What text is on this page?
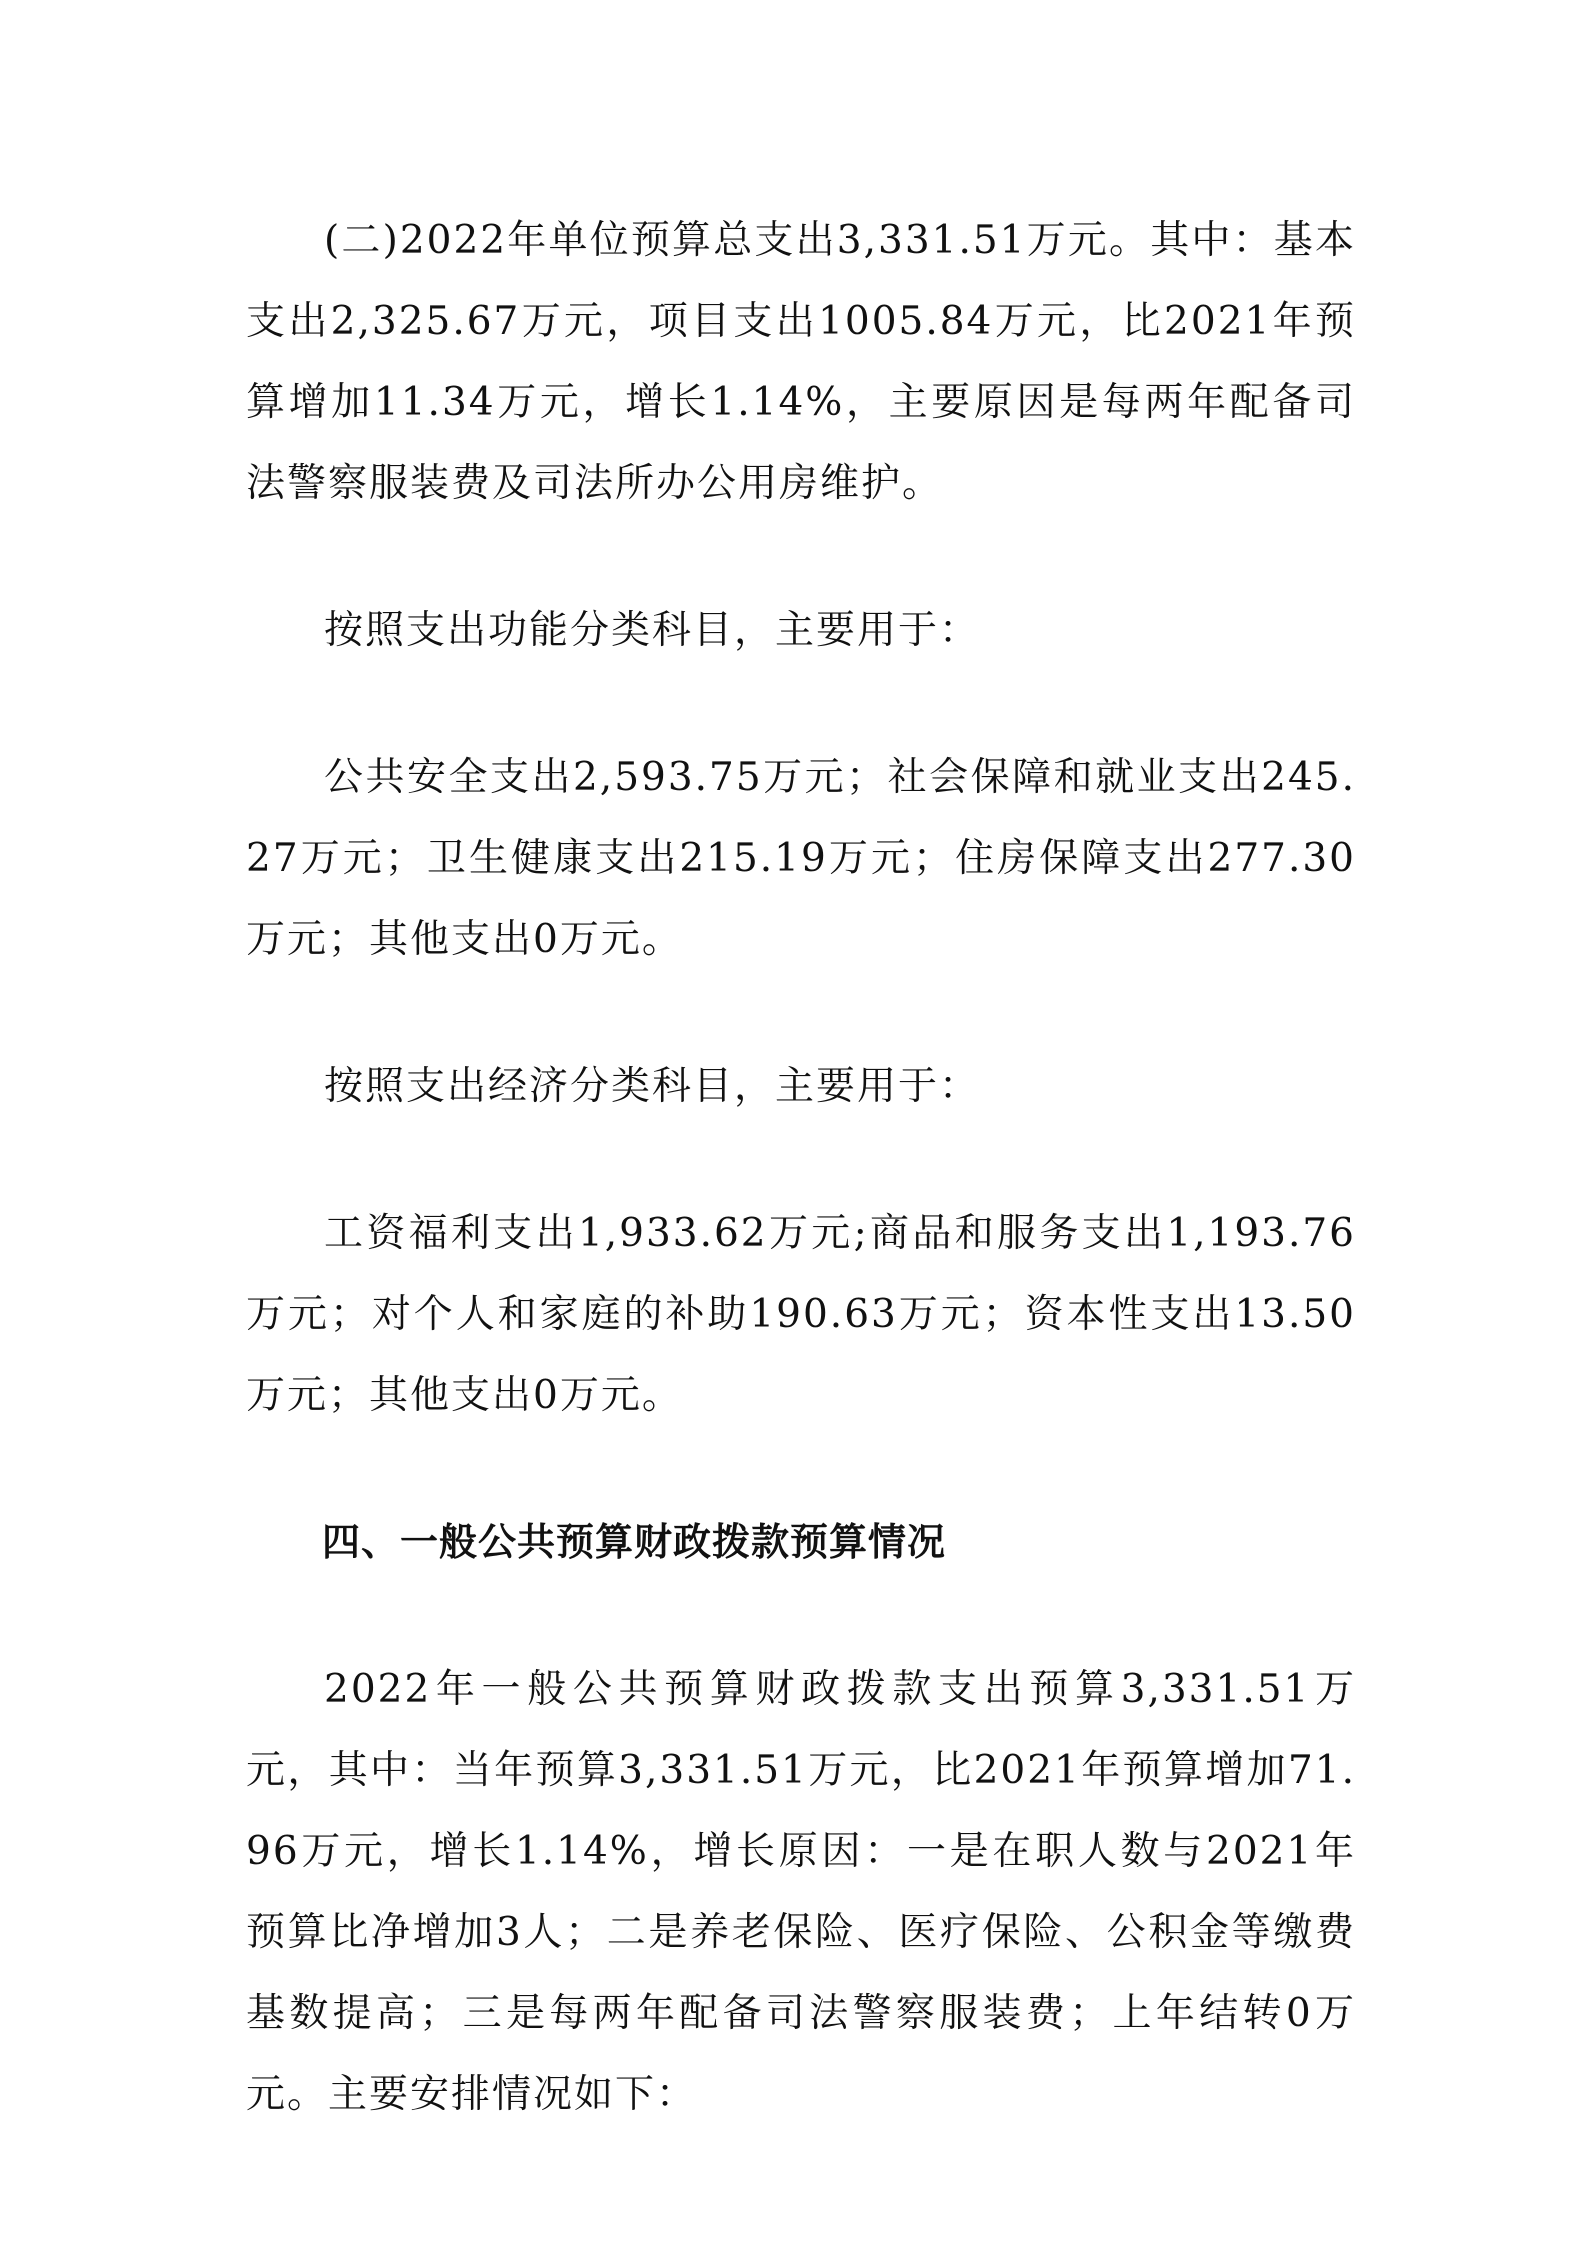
(二)2022年单位预算总支出3,331.51万元。其中：基本支出2,325.67万元，项目支出1005.84万元，比2021年预算增加11.34万元，增长1.14%，主要原因是每两年配备司法警察服装费及司法所办公用房维护。

按照支出功能分类科目，主要用于：

公共安全支出2,593.75万元；社会保障和就业支出245.27万元；卫生健康支出215.19万元；住房保障支出277.30万元；其他支出0万元。

按照支出经济分类科目，主要用于：

工资福利支出1,933.62万元;商品和服务支出1,193.76万元；对个人和家庭的补助190.63万元；资本性支出13.50万元；其他支出0万元。

四、一般公共预算财政拨款预算情况

2022年一般公共预算财政拨款支出预算3,331.51万元，其中：当年预算3,331.51万元，比2021年预算增加71.96万元，增长1.14%，增长原因：一是在职人数与2021年预算比净增加3人；二是养老保险、医疗保险、公积金等缴费基数提高；三是每两年配备司法警察服装费；上年结转0万元。主要安排情况如下：
